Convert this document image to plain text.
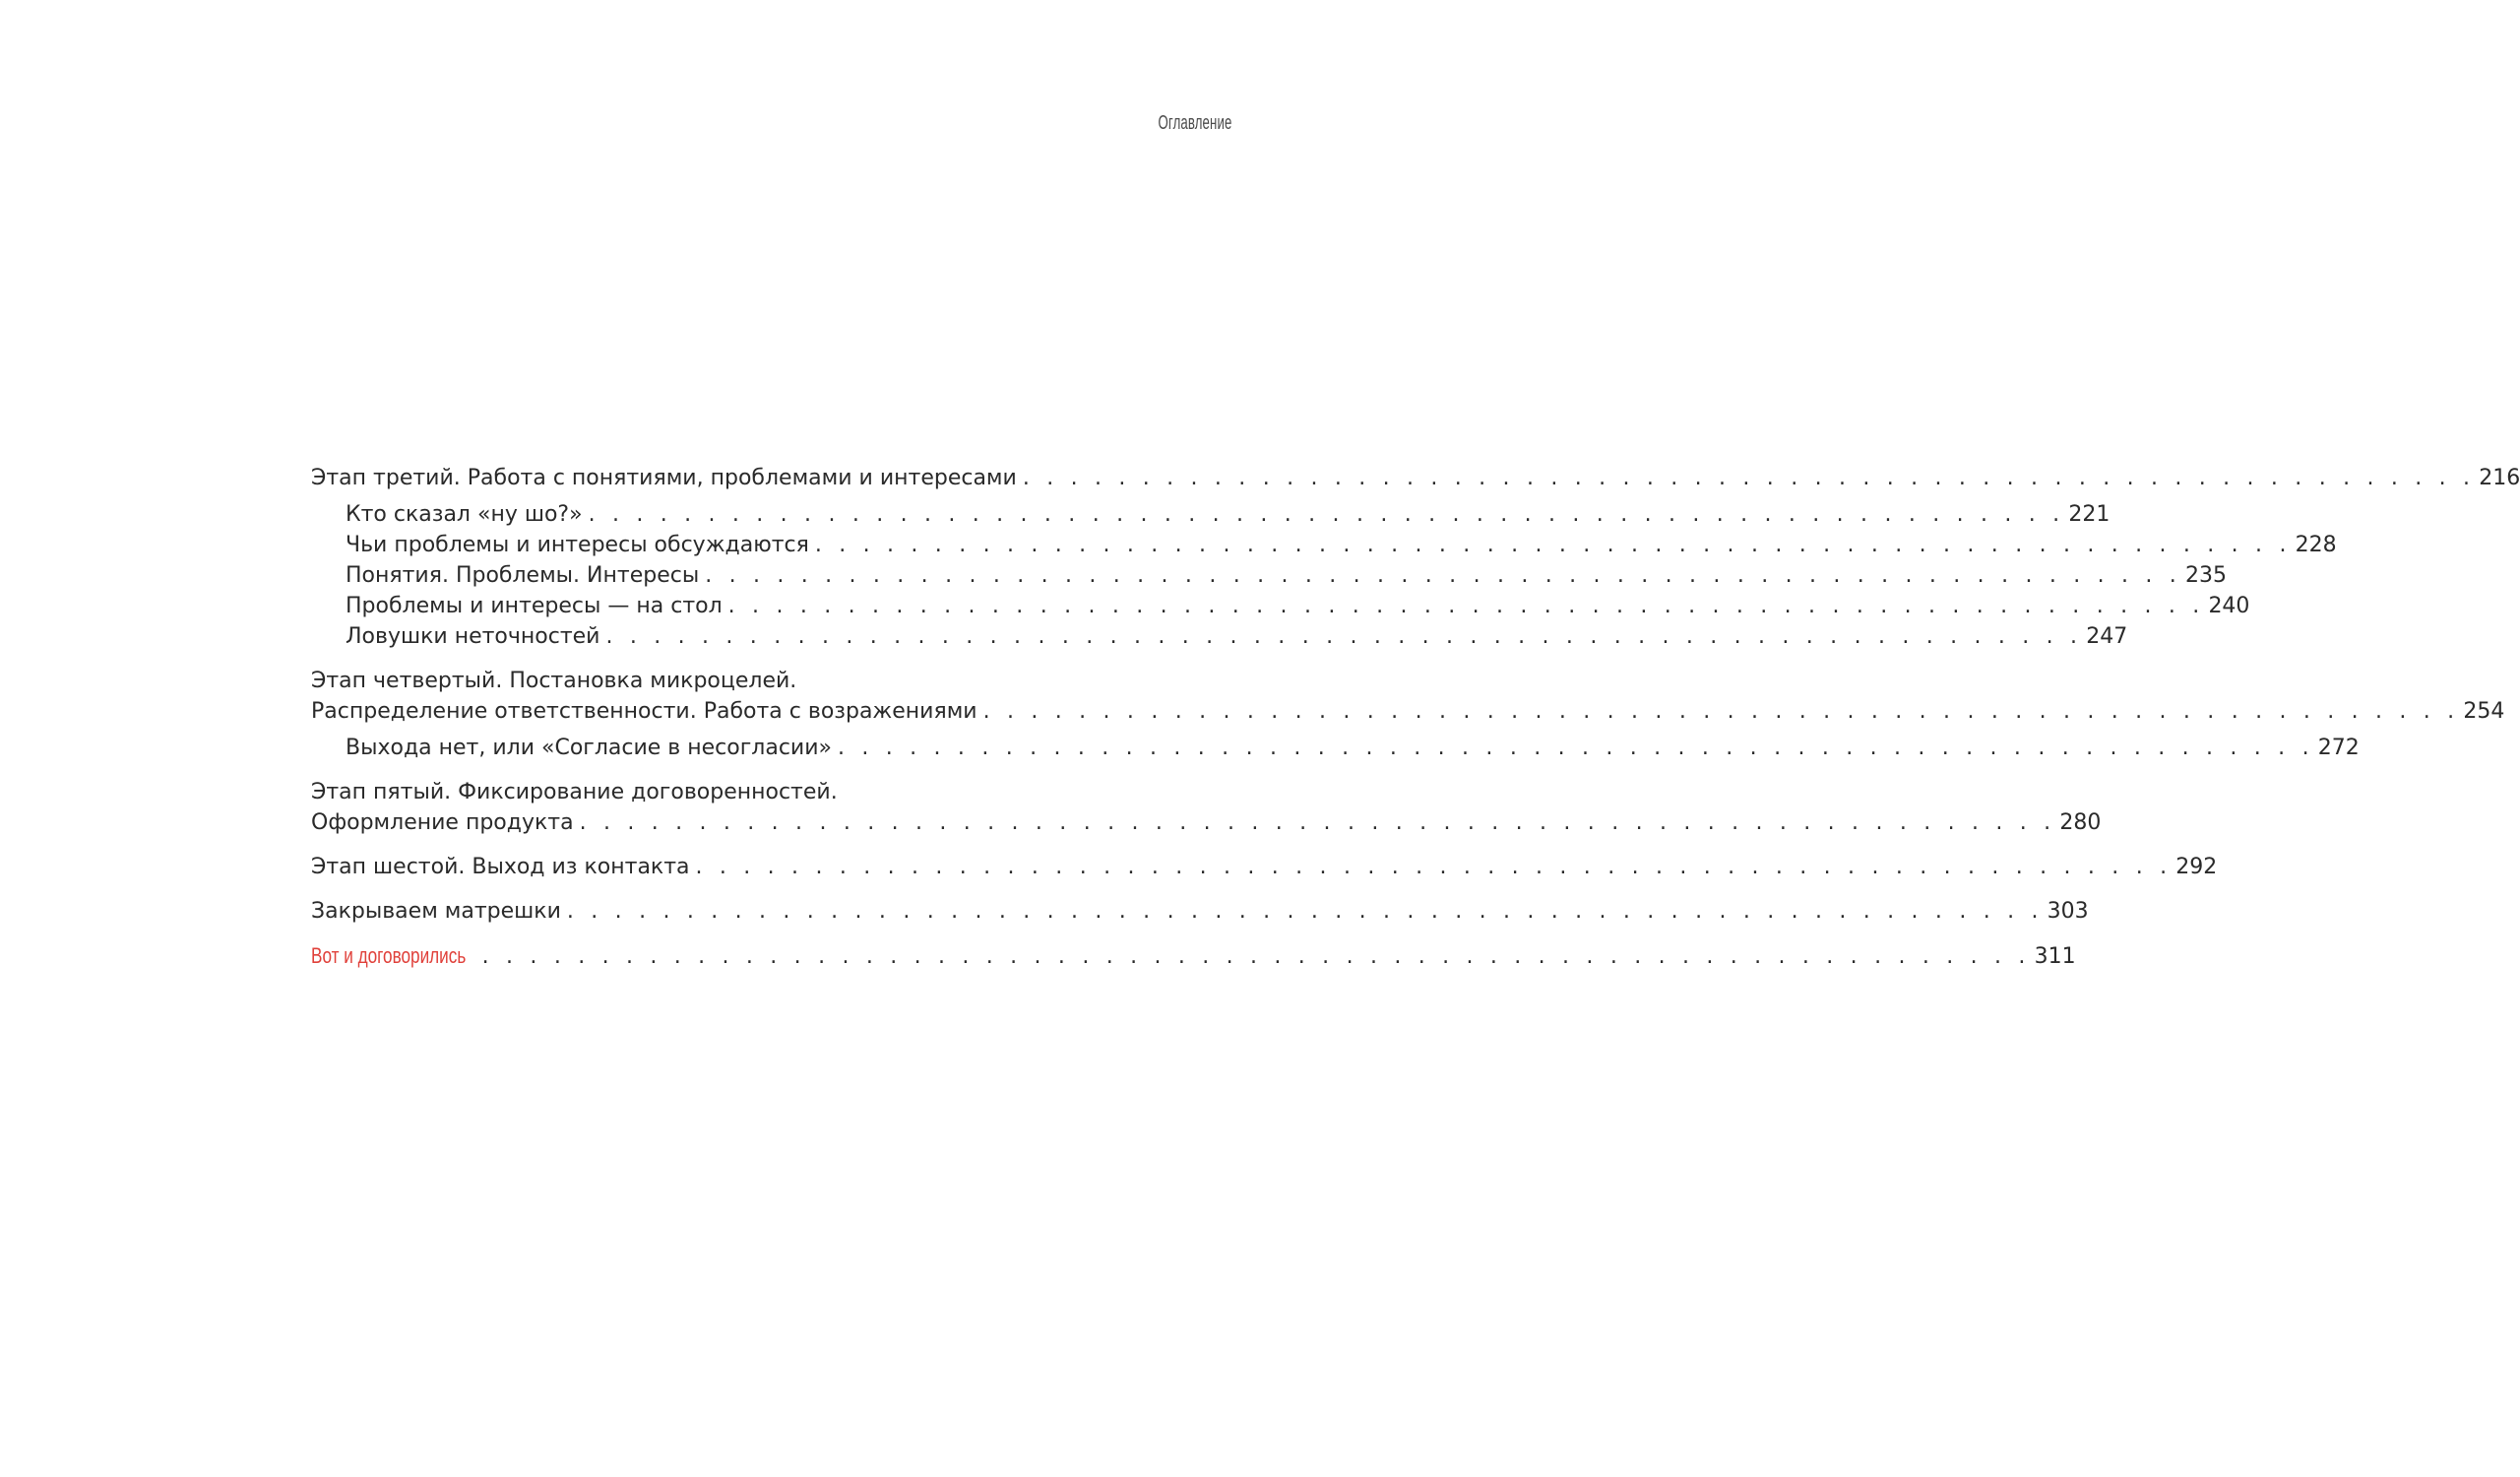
Оглавление
Этап третий. Работа с понятиями, проблемами и интересами . . . . . . . . . . . . . . . . . . . . . . . . . . . . . . . . . . . . . . . . . . . . . . . . . . . . . . . . . . . . . 216
Кто сказал «ну шо?» . . . . . . . . . . . . . . . . . . . . . . . . . . . . . . . . . . . . . . . . . . . . . . . . . . . . . . . . . . . . . . 221
Чьи проблемы и интересы обсуждаются . . . . . . . . . . . . . . . . . . . . . . . . . . . . . . . . . . . . . . . . . . . . . . . . . . . . . . . . . . . . . . 228
Понятия. Проблемы. Интересы . . . . . . . . . . . . . . . . . . . . . . . . . . . . . . . . . . . . . . . . . . . . . . . . . . . . . . . . . . . . . . 235
Проблемы и интересы — на стол . . . . . . . . . . . . . . . . . . . . . . . . . . . . . . . . . . . . . . . . . . . . . . . . . . . . . . . . . . . . . . 240
Ловушки неточностей . . . . . . . . . . . . . . . . . . . . . . . . . . . . . . . . . . . . . . . . . . . . . . . . . . . . . . . . . . . . . . 247
Этап четвертый. Постановка микроцелей.
Распределение ответственности. Работа с возражениями . . . . . . . . . . . . . . . . . . . . . . . . . . . . . . . . . . . . . . . . . . . . . . . . . . . . . . . . . . . . . . 254
Выхода нет, или «Согласие в несогласии» . . . . . . . . . . . . . . . . . . . . . . . . . . . . . . . . . . . . . . . . . . . . . . . . . . . . . . . . . . . . . . 272
Этап пятый. Фиксирование договоренностей.
Оформление продукта . . . . . . . . . . . . . . . . . . . . . . . . . . . . . . . . . . . . . . . . . . . . . . . . . . . . . . . . . . . . . . 280
Этап шестой. Выход из контакта . . . . . . . . . . . . . . . . . . . . . . . . . . . . . . . . . . . . . . . . . . . . . . . . . . . . . . . . . . . . . . 292
Закрываем матрешки . . . . . . . . . . . . . . . . . . . . . . . . . . . . . . . . . . . . . . . . . . . . . . . . . . . . . . . . . . . . . . 303
Вот и договорились . . . . . . . . . . . . . . . . . . . . . . . . . . . . . . . . . . . . . . . . . . . . . . . . . . . . . . . . . . . . . . . . . 311
